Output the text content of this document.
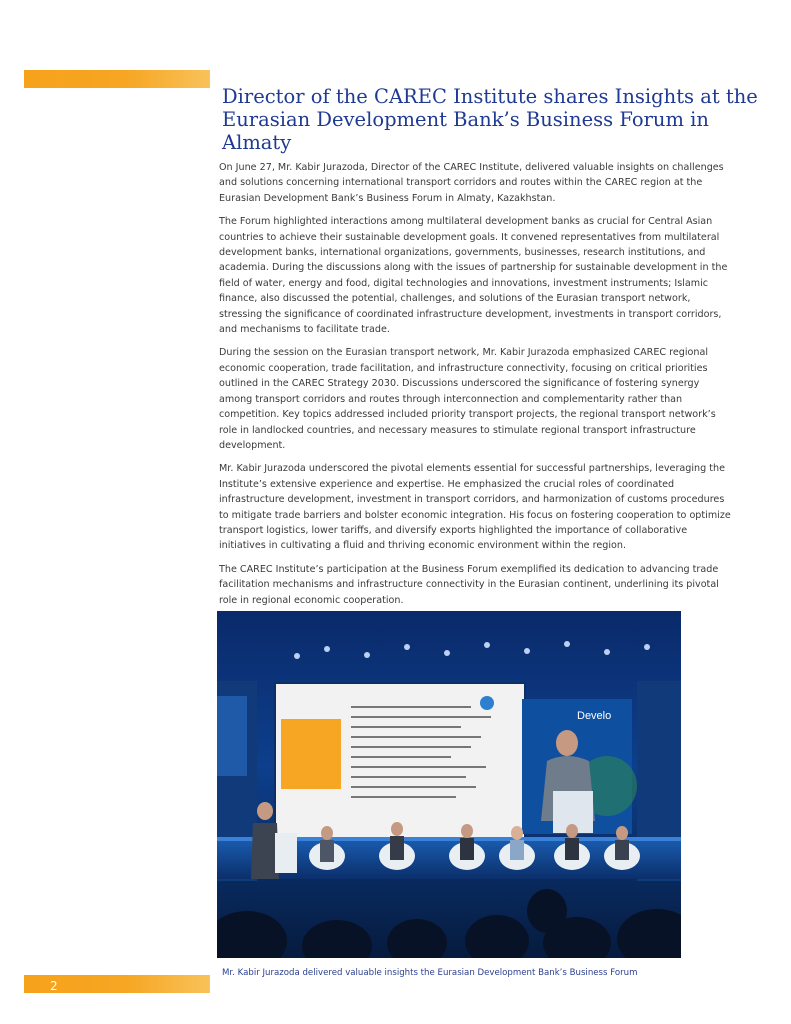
Director of the CAREC Institute shares Insights at the
Eurasian Development Bank’s Business Forum in Almaty

On June 27, Mr. Kabir Jurazoda, Director of the CAREC Institute, delivered valuable insights on challenges and solutions concerning international transport corridors and routes within the CAREC region at the Eurasian Development Bank’s Business Forum in Almaty, Kazakhstan.

The Forum highlighted interactions among multilateral development banks as crucial for Central Asian countries to achieve their sustainable development goals. It convened representatives from multilateral development banks, international organizations, governments, businesses, research institutions, and academia. During the discussions along with the issues of partnership for sustainable development in the field of water, energy and food, digital technologies and innovations, investment instruments; Islamic finance, also discussed the potential, challenges, and solutions of the Eurasian transport network, stressing the significance of coordinated infrastructure development, investments in transport corridors, and mechanisms to facilitate trade.

During the session on the Eurasian transport network, Mr. Kabir Jurazoda emphasized CAREC regional economic cooperation, trade facilitation, and infrastructure connectivity, focusing on critical priorities outlined in the CAREC Strategy 2030. Discussions underscored the significance of fostering synergy among transport corridors and routes through interconnection and complementarity rather than competition. Key topics addressed included priority transport projects, the regional transport network’s role in landlocked countries, and necessary measures to stimulate regional transport infrastructure development.

Mr. Kabir Jurazoda underscored the pivotal elements essential for successful partnerships, leveraging the Institute’s extensive experience and expertise. He emphasized the crucial roles of coordinated infrastructure development, investment in transport corridors, and harmonization of customs procedures to mitigate trade barriers and bolster economic integration. His focus on fostering cooperation to optimize transport logistics, lower tariffs, and diversify exports highlighted the importance of collaborative initiatives in cultivating a fluid and thriving economic environment within the region.

The CAREC Institute’s participation at the Business Forum exemplified its dedication to advancing trade facilitation mechanisms and infrastructure connectivity in the Eurasian continent, underlining its pivotal role in regional economic cooperation.

Develo
Mr. Kabir Jurazoda delivered valuable insights the Eurasian Development Bank’s Business Forum
2
